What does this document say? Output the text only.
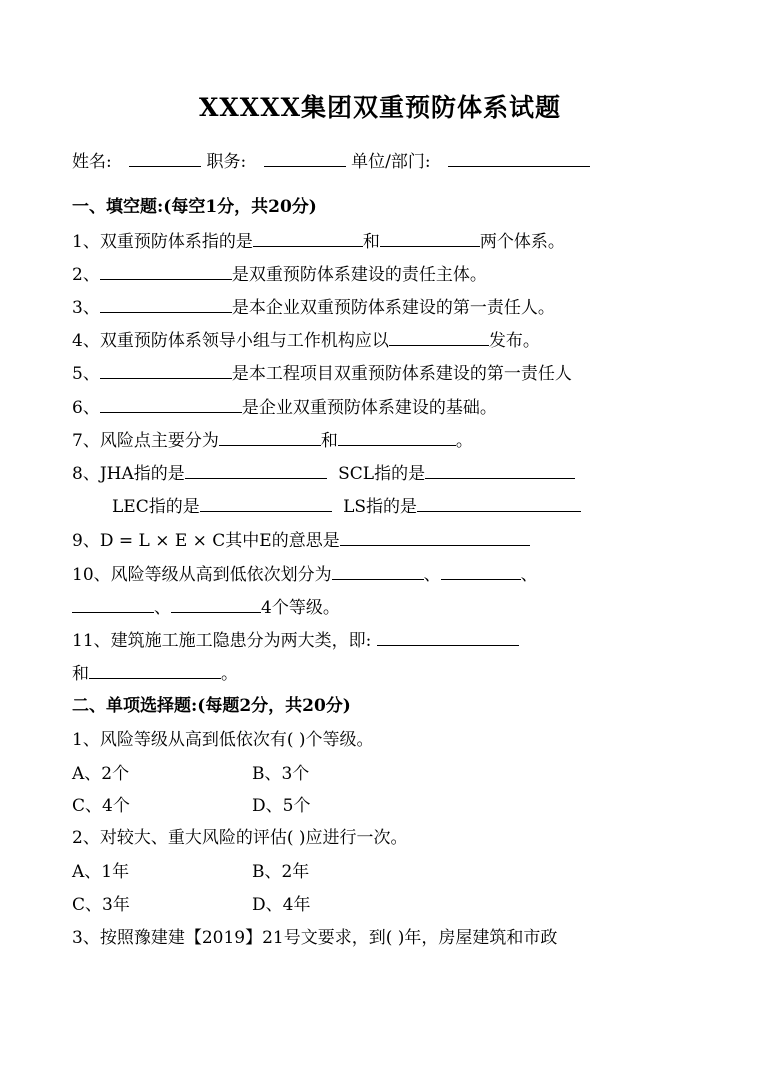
XXXXX集团双重预防体系试题
姓名:	职务:	单位/部门:
一、填空题:(每空1分，共20分)
1、双重预防体系指的是	和	两个体系。
2、	是双重预防体系建设的责任主体。
3、	是本企业双重预防体系建设的第一责任人。
4、双重预防体系领导小组与工作机构应以	发布。
5、	是本工程项目双重预防体系建设的第一责任人
6、	是企业双重预防体系建设的基础。
7、风险点主要分为	和	。
8、JHA指的是	SCL指的是
LEC指的是	LS指的是
9、D = L × E × C其中E的意思是
10、风险等级从高到低依次划分为	、	、
、	4个等级。
11、建筑施工施工隐患分为两大类，即:
和	。
二、单项选择题:(每题2分，共20分)
1、风险等级从高到低依次有( )个等级。
A、2个	B、3个
C、4个	D、5个
2、对较大、重大风险的评估( )应进行一次。
A、1年	B、2年
C、3年	D、4年
3、按照豫建建【2019】21号文要求，到( )年，房屋建筑和市政
